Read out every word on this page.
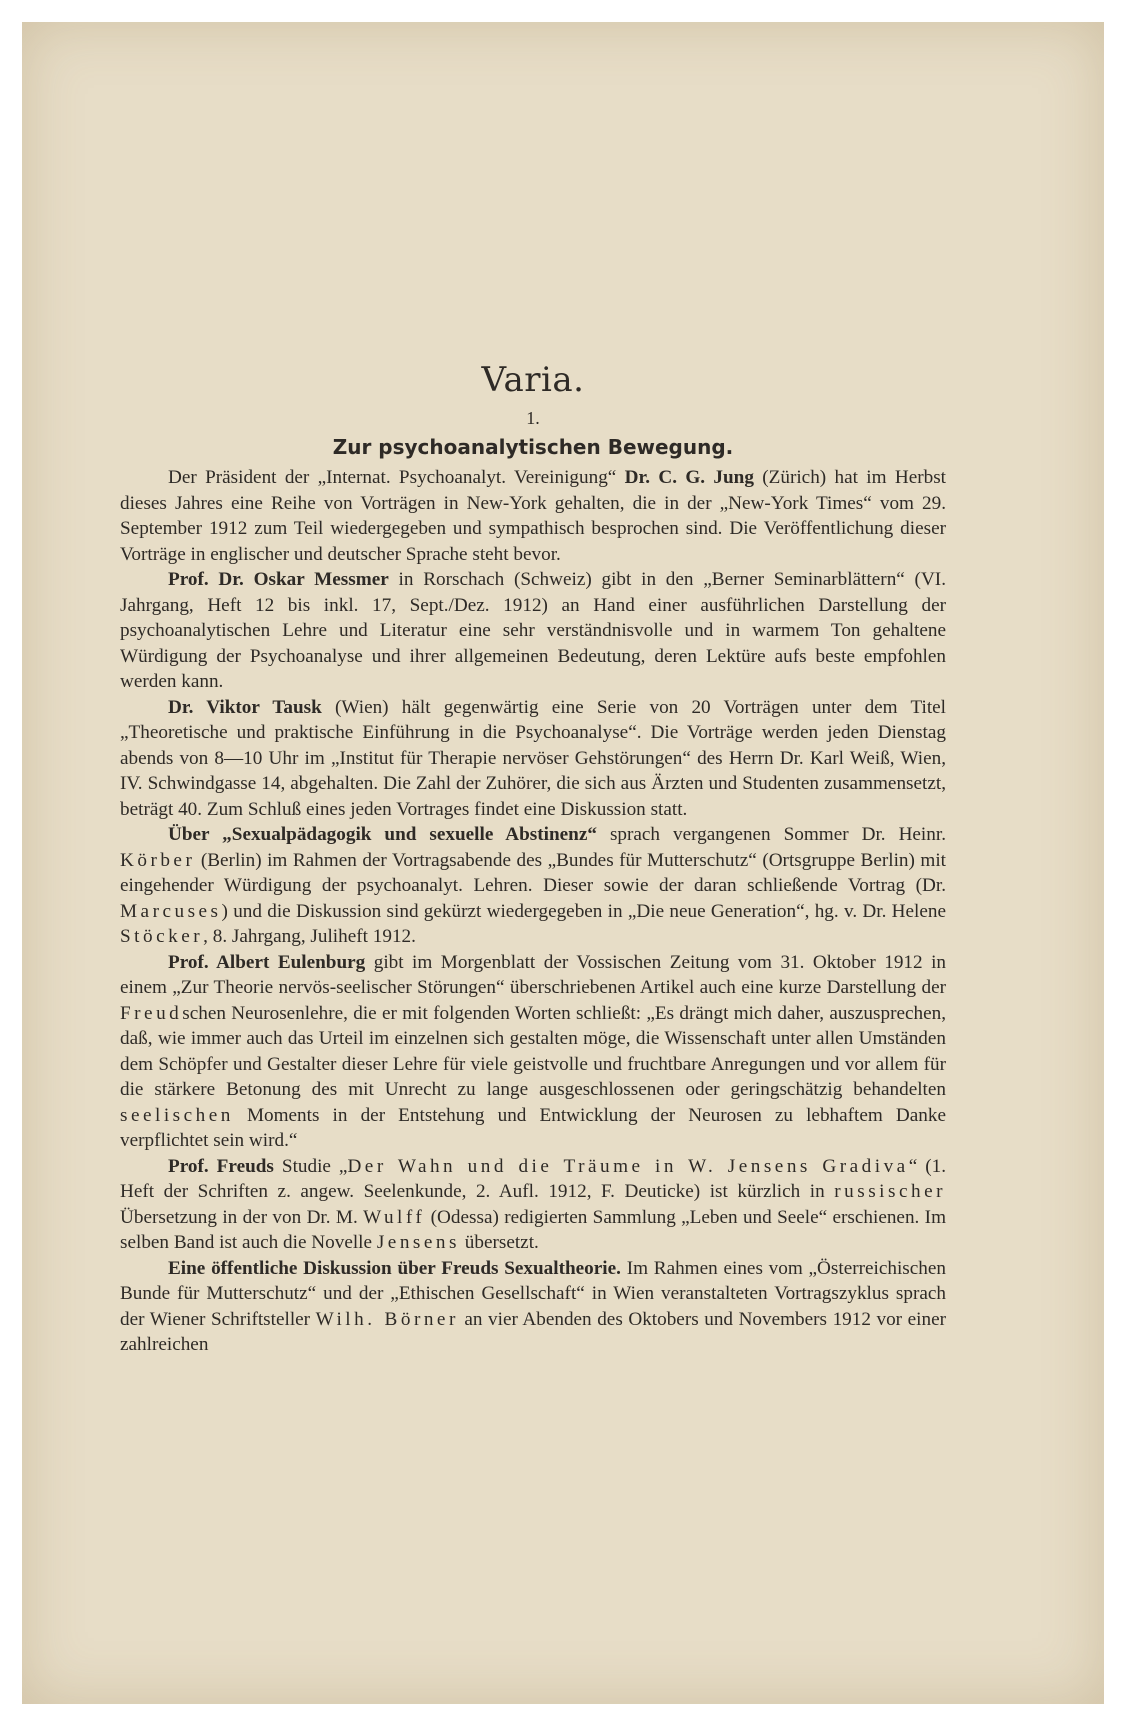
Varia.
1.
Zur psychoanalytischen Bewegung.

Der Präsident der „Internat. Psychoanalyt. Vereinigung“ Dr. C. G. Jung (Zürich) hat im Herbst dieses Jahres eine Reihe von Vorträgen in New-York gehalten, die in der „New-York Times“ vom 29. September 1912 zum Teil wiedergegeben und sympathisch besprochen sind. Die Veröffentlichung dieser Vorträge in englischer und deutscher Sprache steht bevor.

Prof. Dr. Oskar Messmer in Rorschach (Schweiz) gibt in den „Berner Seminarblättern“ (VI. Jahrgang, Heft 12 bis inkl. 17, Sept./Dez. 1912) an Hand einer ausführlichen Darstellung der psychoanalytischen Lehre und Literatur eine sehr verständnisvolle und in warmem Ton gehaltene Würdigung der Psychoanalyse und ihrer allgemeinen Bedeutung, deren Lektüre aufs beste empfohlen werden kann.

Dr. Viktor Tausk (Wien) hält gegenwärtig eine Serie von 20 Vorträgen unter dem Titel „Theoretische und praktische Einführung in die Psychoanalyse“. Die Vorträge werden jeden Dienstag abends von 8—10 Uhr im „Institut für Therapie nervöser Gehstörungen“ des Herrn Dr. Karl Weiß, Wien, IV. Schwindgasse 14, abgehalten. Die Zahl der Zuhörer, die sich aus Ärzten und Studenten zusammensetzt, beträgt 40. Zum Schluß eines jeden Vortrages findet eine Diskussion statt.

Über „Sexualpädagogik und sexuelle Abstinenz“ sprach vergangenen Sommer Dr. Heinr. Körber (Berlin) im Rahmen der Vortragsabende des „Bundes für Mutterschutz“ (Ortsgruppe Berlin) mit eingehender Würdigung der psychoanalyt. Lehren. Dieser sowie der daran schließende Vortrag (Dr. Marcuses) und die Diskussion sind gekürzt wiedergegeben in „Die neue Generation“, hg. v. Dr. Helene Stöcker, 8. Jahrgang, Juliheft 1912.

Prof. Albert Eulenburg gibt im Morgenblatt der Vossischen Zeitung vom 31. Oktober 1912 in einem „Zur Theorie nervös-seelischer Störungen“ überschriebenen Artikel auch eine kurze Darstellung der Freudschen Neurosenlehre, die er mit folgenden Worten schließt: „Es drängt mich daher, auszusprechen, daß, wie immer auch das Urteil im einzelnen sich gestalten möge, die Wissenschaft unter allen Umständen dem Schöpfer und Gestalter dieser Lehre für viele geistvolle und fruchtbare Anregungen und vor allem für die stärkere Betonung des mit Unrecht zu lange ausgeschlossenen oder geringschätzig behandelten seelischen Moments in der Entstehung und Entwicklung der Neurosen zu lebhaftem Danke verpflichtet sein wird.“

Prof. Freuds Studie „Der Wahn und die Träume in W. Jensens Gradiva“ (1. Heft der Schriften z. angew. Seelenkunde, 2. Aufl. 1912, F. Deuticke) ist kürzlich in russischer Übersetzung in der von Dr. M. Wulff (Odessa) redigierten Sammlung „Leben und Seele“ erschienen. Im selben Band ist auch die Novelle Jensens übersetzt.

Eine öffentliche Diskussion über Freuds Sexualtheorie. Im Rahmen eines vom „Österreichischen Bunde für Mutterschutz“ und der „Ethischen Gesellschaft“ in Wien veranstalteten Vortragszyklus sprach der Wiener Schriftsteller Wilh. Börner an vier Abenden des Oktobers und Novembers 1912 vor einer zahlreichen
